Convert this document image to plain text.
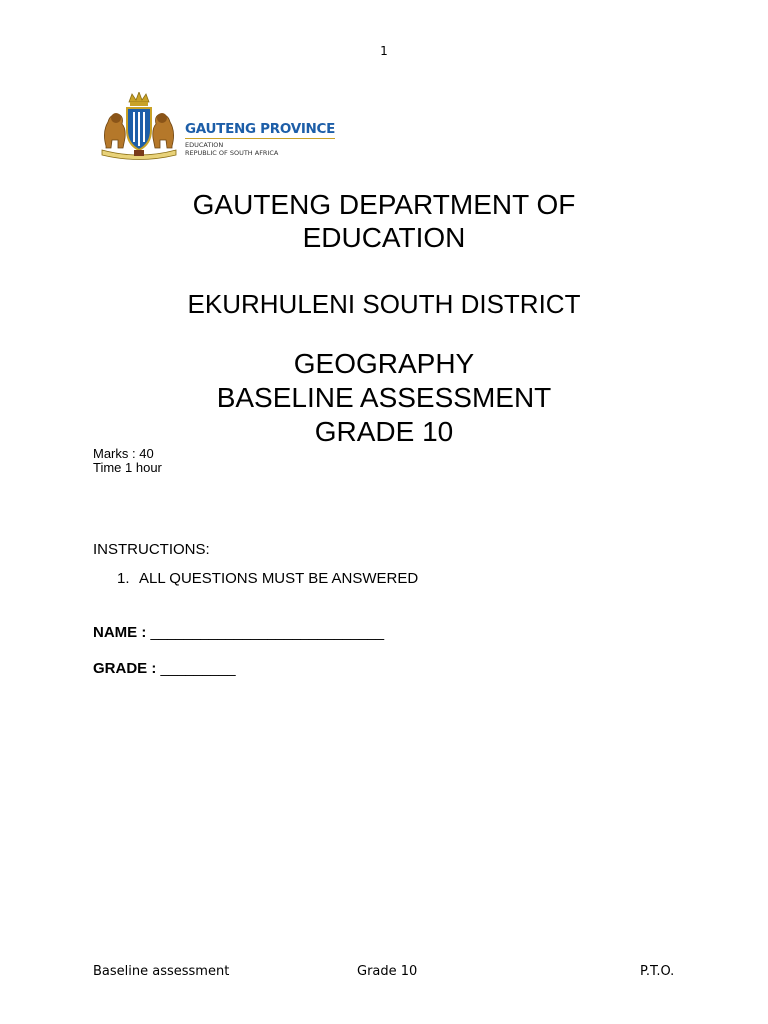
1
GAUTENG PROVINCE
EDUCATION
REPUBLIC OF SOUTH AFRICA
GAUTENG DEPARTMENT OF
EDUCATION
EKURHULENI SOUTH DISTRICT
GEOGRAPHY
BASELINE ASSESSMENT
GRADE 10
Marks : 40
Time 1 hour
INSTRUCTIONS:
1. ALL QUESTIONS MUST BE ANSWERED
NAME : ____________________________
GRADE : _________
Baseline assessment	Grade 10	P.T.O.
